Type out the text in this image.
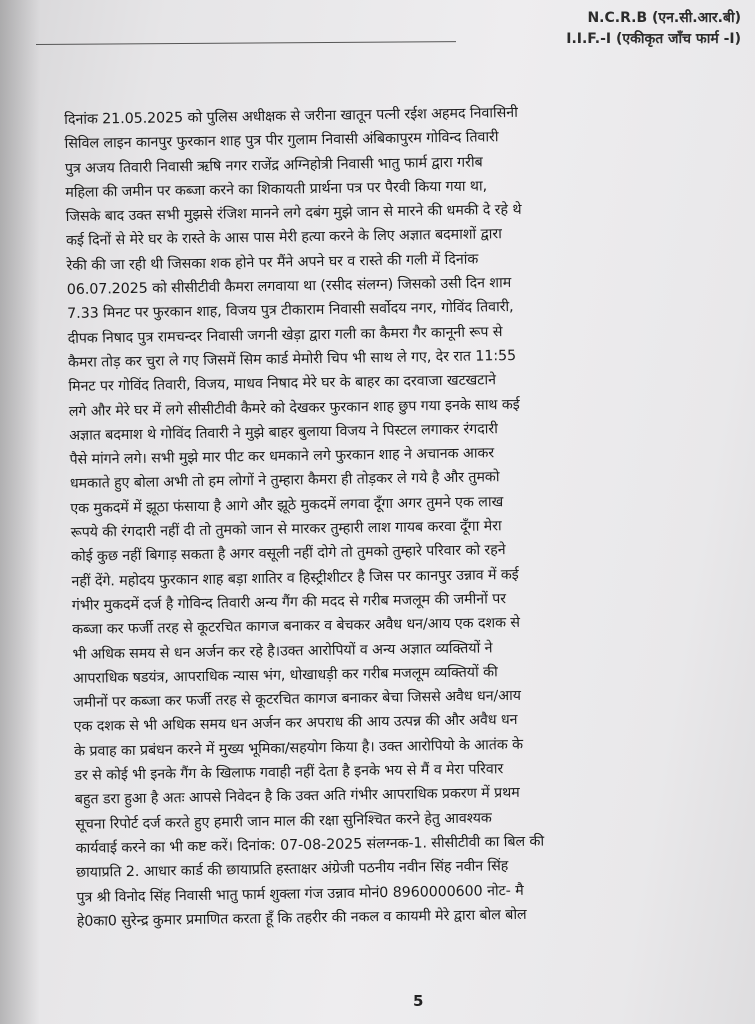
N.C.R.B (एन.सी.आर.बी)
I.I.F.-I (एकीकृत जाँच फार्म -I)
दिनांक 21.05.2025 को पुलिस अधीक्षक से जरीना खातून पत्नी रईश अहमद निवासिनी
सिविल लाइन कानपुर फुरकान शाह पुत्र पीर गुलाम निवासी अंबिकापुरम गोविन्द तिवारी
पुत्र अजय तिवारी निवासी ऋषि नगर राजेंद्र अग्निहोत्री निवासी भातु फार्म द्वारा गरीब
महिला की जमीन पर कब्जा करने का शिकायती प्रार्थना पत्र पर पैरवी किया गया था,
जिसके बाद उक्त सभी मुझसे रंजिश मानने लगे दबंग मुझे जान से मारने की धमकी दे रहे थे
कई दिनों से मेरे घर के रास्ते के आस पास मेरी हत्या करने के लिए अज्ञात बदमाशों द्वारा
रेकी की जा रही थी जिसका शक होने पर मैंने अपने घर व रास्ते की गली में दिनांक
06.07.2025 को सीसीटीवी कैमरा लगवाया था (रसीद संलग्न) जिसको उसी दिन शाम
7.33 मिनट पर फुरकान शाह, विजय पुत्र टीकाराम निवासी सर्वोदय नगर, गोविंद तिवारी,
दीपक निषाद पुत्र रामचन्दर निवासी जगनी खेड़ा द्वारा गली का कैमरा गैर कानूनी रूप से
कैमरा तोड़ कर चुरा ले गए जिसमें सिम कार्ड मेमोरी चिप भी साथ ले गए, देर रात 11:55
मिनट पर गोविंद तिवारी, विजय, माधव निषाद मेरे घर के बाहर का दरवाजा खटखटाने
लगे और मेरे घर में लगे सीसीटीवी कैमरे को देखकर फुरकान शाह छुप गया इनके साथ कई
अज्ञात बदमाश थे गोविंद तिवारी ने मुझे बाहर बुलाया विजय ने पिस्टल लगाकर रंगदारी
पैसे मांगने लगे। सभी मुझे मार पीट कर धमकाने लगे फुरकान शाह ने अचानक आकर
धमकाते हुए बोला अभी तो हम लोगों ने तुम्हारा कैमरा ही तोड़कर ले गये है और तुमको
एक मुकदमें में झूठा फंसाया है आगे और झूठे मुकदमें लगवा दूँगा अगर तुमने एक लाख
रूपये की रंगदारी नहीं दी तो तुमको जान से मारकर तुम्हारी लाश गायब करवा दूँगा मेरा
कोई कुछ नहीं बिगाड़ सकता है अगर वसूली नहीं दोगे तो तुमको तुम्हारे परिवार को रहने
नहीं देंगे. महोदय फुरकान शाह बड़ा शातिर व हिस्ट्रीशीटर है जिस पर कानपुर उन्नाव में कई
गंभीर मुकदमें दर्ज है गोविन्द तिवारी अन्य गैंग की मदद से गरीब मजलूम की जमीनों पर
कब्जा कर फर्जी तरह से कूटरचित कागज बनाकर व बेचकर अवैध धन/आय एक दशक से
भी अधिक समय से धन अर्जन कर रहे है।उक्त आरोपियों व अन्य अज्ञात व्यक्तियों ने
आपराधिक षडयंत्र, आपराधिक न्यास भंग, धोखाधड़ी कर गरीब मजलूम व्यक्तियों की
जमीनों पर कब्जा कर फर्जी तरह से कूटरचित कागज बनाकर बेचा जिससे अवैध धन/आय
एक दशक से भी अधिक समय धन अर्जन कर अपराध की आय उत्पन्न की और अवैध धन
के प्रवाह का प्रबंधन करने में मुख्य भूमिका/सहयोग किया है। उक्त आरोपियो के आतंक के
डर से कोई भी इनके गैंग के खिलाफ गवाही नहीं देता है इनके भय से मैं व मेरा परिवार
बहुत डरा हुआ है अतः आपसे निवेदन है कि उक्त अति गंभीर आपराधिक प्रकरण में प्रथम
सूचना रिपोर्ट दर्ज करते हुए हमारी जान माल की रक्षा सुनिश्चित करने हेतु आवश्यक
कार्यवाई करने का भी कष्ट करें। दिनांक: 07-08-2025 संलग्नक-1. सीसीटीवी का बिल की
छायाप्रति 2. आधार कार्ड की छायाप्रति हस्ताक्षर अंग्रेजी पठनीय नवीन सिंह नवीन सिंह
पुत्र श्री विनोद सिंह निवासी भातु फार्म शुक्ला गंज उन्नाव मोनं0 8960000600 नोट- मै
हे0का0 सुरेन्द्र कुमार प्रमाणित करता हूँ कि तहरीर की नकल व कायमी मेरे द्वारा बोल बोल
5
